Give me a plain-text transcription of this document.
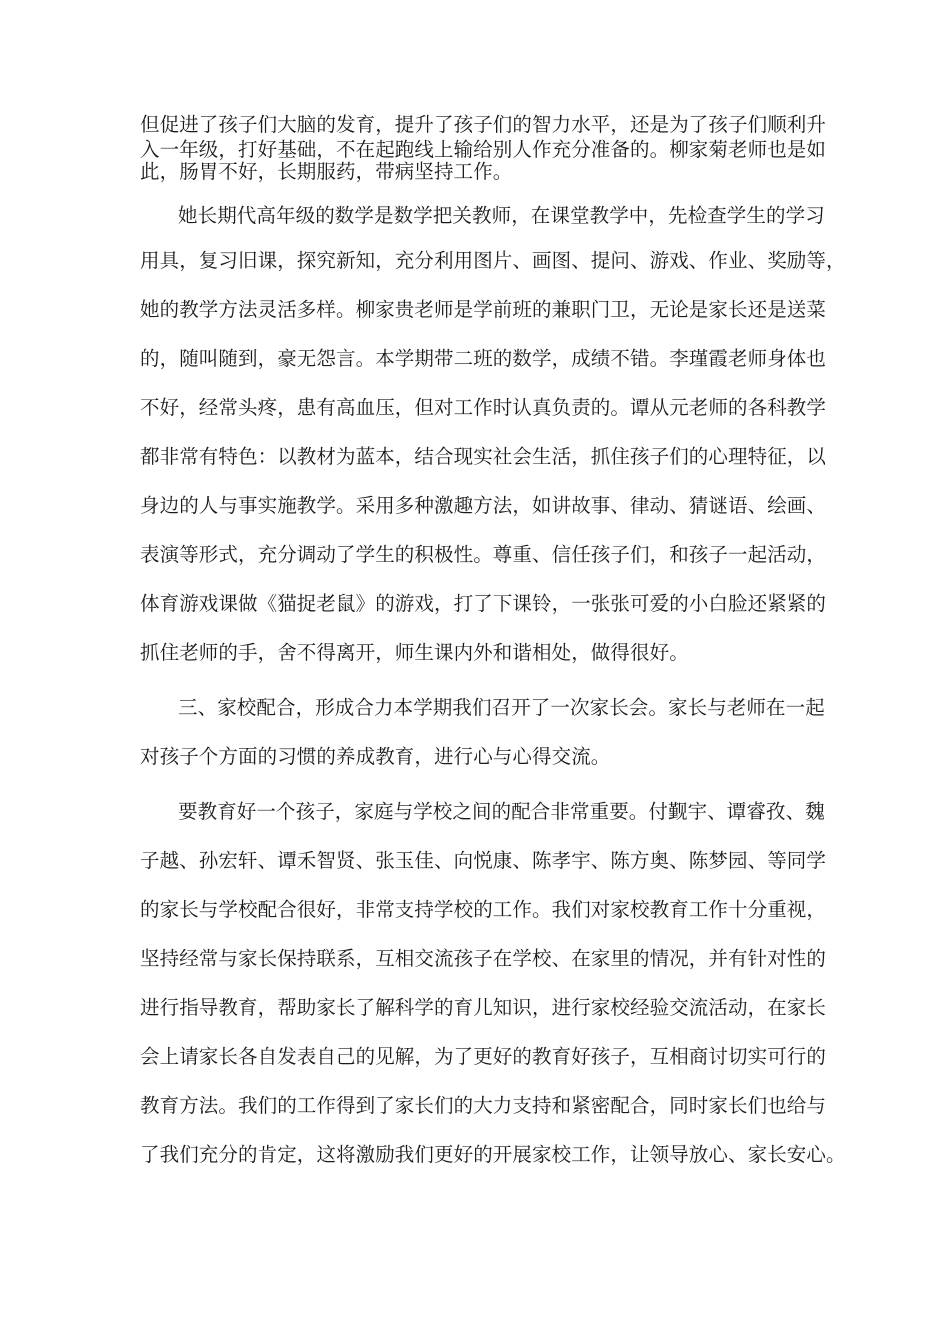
但促进了孩子们大脑的发育，提升了孩子们的智力水平，还是为了孩子们顺利升
入一年级，打好基础，不在起跑线上输给别人作充分准备的。柳家菊老师也是如
此，肠胃不好，长期服药，带病坚持工作。
她长期代高年级的数学是数学把关教师，在课堂教学中，先检查学生的学习
用具，复习旧课，探究新知，充分利用图片、画图、提问、游戏、作业、奖励等，
她的教学方法灵活多样。柳家贵老师是学前班的兼职门卫，无论是家长还是送菜
的，随叫随到，豪无怨言。本学期带二班的数学，成绩不错。李瑾霞老师身体也
不好，经常头疼，患有高血压，但对工作时认真负责的。谭从元老师的各科教学
都非常有特色：以教材为蓝本，结合现实社会生活，抓住孩子们的心理特征，以
身边的人与事实施教学。采用多种激趣方法，如讲故事、律动、猜谜语、绘画、
表演等形式，充分调动了学生的积极性。尊重、信任孩子们，和孩子一起活动，
体育游戏课做《猫捉老鼠》的游戏，打了下课铃，一张张可爱的小白脸还紧紧的
抓住老师的手，舍不得离开，师生课内外和谐相处，做得很好。
三、家校配合，形成合力本学期我们召开了一次家长会。家长与老师在一起
对孩子个方面的习惯的养成教育，进行心与心得交流。
要教育好一个孩子，家庭与学校之间的配合非常重要。付觐宇、谭睿孜、魏
子越、孙宏轩、谭禾智贤、张玉佳、向悦康、陈孝宇、陈方奥、陈梦园、等同学
的家长与学校配合很好，非常支持学校的工作。我们对家校教育工作十分重视，
坚持经常与家长保持联系，互相交流孩子在学校、在家里的情况，并有针对性的
进行指导教育，帮助家长了解科学的育儿知识，进行家校经验交流活动，在家长
会上请家长各自发表自己的见解，为了更好的教育好孩子，互相商讨切实可行的
教育方法。我们的工作得到了家长们的大力支持和紧密配合，同时家长们也给与
了我们充分的肯定，这将激励我们更好的开展家校工作，让领导放心、家长安心。
